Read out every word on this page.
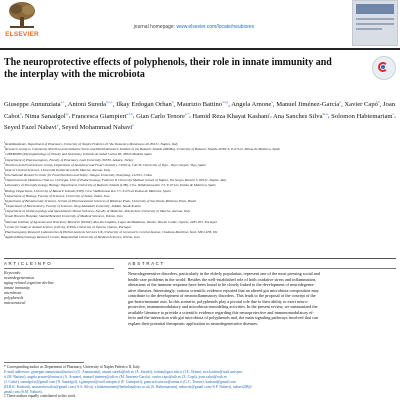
ELSEVIER
journal homepage: www.elsevier.com/locate/neubiorev
The neuroprotective effects of polyphenols, their role in innate immunity and the interplay with the microbiota
Giuseppe Annunziata$^{a,1}$, Antoni Sureda$^{b,c,1}$, Ilkay Erdogan Orhan$^d$, Maurizio Battino$^{e,f,g}$, Angela Arnone$^a$, Manuel Jiménez-García$^b$, Xavier Capó$^b$, Joan Cabot$^h$, Nima Sanadgol$^{i,j}$, Francesca Giampieri$^{e,f,k}$, Gian Carlo Tenore$^{a,*}$, Hamid Reza Khayat Kashani$^l$, Ana Sanches Silva$^{m,n}$, Solomon Habtemariam$^o$, Seyed Fazel Nabavi$^p$, Seyed Mohammad Nabavi$^p$
$^a$ReuthRamfeale, Department of Pharmacy, University of Naples Federico II, Via Domenico Montesano 49, 80131, Naples, Italy
$^b$Research Group in Community Nutrition and Oxidative Stress and Health Research Institute of the Balearic Islands (IdISBa), University of Balearic Islands-IUNICS, E-07122, Palma de Mallorca, Spain
$^c$CIBEROBN (Physiopathology of Obesity and Nutrition), Instituto de Salud Carlos III, 28029 Madrid, Spain
$^d$Department of Pharmacognosy, Faculty of Pharmacy, Gazi University, 06330, Ankara, Turkey
$^e$Nutrition and Food Science Group, Department of Analytical and Food Chemistry, CITACA, CACTI, University of Vigo - Vigo Campus, Vigo, Spain
$^f$Dept of Clinical Sciences, Università Politecnica delle Marche, Ancona, Italy
$^g$International Research Center for Food Nutrition and Safety, Jiangsu University, Zhenjiang, 212013, China
$^h$Dipartimento di Medicina Clinica e Chirurgia, Unit of Endocrinology, Federico II University Medical School of Naples, Via Sergio Pansini 5, 80131, Naples, Italy
$^i$Laboratory of Neurophysiology, Biology Department, University of Balearic Islands (UIB), Ctra. Valldemossa Km 7.5, E-07122, Palma de Mallorca, Spain
$^j$Biology Department, University of Balearic Islands (UIB), Ctra. Valldemossa Km 7.5, E-07122 Palma de Mallorca, Spain
$^k$Department of Biology, Faculty of Sciences, University of Zabol, Zabol, Iran
$^l$Department of Biomolecular Sciences, School of Pharmaceutical Sciences of Ribeirao Preto, University of Sao Paulo, Ribeirao Preto, Brazil
$^m$Department of Biochemistry, Faculty of Sciences, King Abdulaziz University, Jeddah, Saudi Arabia
$^n$Department of Otolaryngology and Specialized Clinical Sciences, Faculty of Medicine, Polytechnic University of Marche, Ancona, Italy
$^o$Imam Hossein Hospital, Shahid Beheshti University of Medical Sciences, Tehran, Iran
$^p$National Institute of Agrarian and Veterinary Research (INIAV), Rua dos Lágidos, Lugar da Madalena, Vairão, Vila do Conde, Oporto, 4485-655, Portugal
$^q$Center for Study in Animal Science (CECA), ICETA, University of Oporto, Oporto, Portugal
$^r$Pharmacognosy Research Laboratories & Herbal Analysis Services UK, University of Greenwich, Central Avenue, Chatham-Maritime, Kent, ME4 4TB, UK
$^s$Applied Biotechnology Research Center, Baqiyatallah University of Medical Sciences, Tehran, Iran
A R T I C L E I N F O
Keywords:
neurodegeneration
aging-related cognitive decline
innate immunity
microbiota
polyphenols
nutraceutical
A B S T R A C T
Neurodegenerative disorders, particularly in the elderly population, represent one of the most pressing social and
health-care problems in the world. Besides the well-established role of both oxidative stress and inflammation,
alterations of the immune response have been found to be closely linked to the development of neurodegener-
ative diseases. Interestingly, various scientific evidence reported that an altered gut microbiota composition may
contribute to the development of neuroinflammatory disorders. This leads to the proposal of the concept of the
gut-brain-immune axis. In this scenario, polyphenols play a pivotal role due to their ability to exert neuro-
protective, immunomodulatory and microbiota-remodeling activities. In the present review, we summarized the
available literature to provide a scientific evidence regarding this neuroprotective and immunomodulatory ef-
fects and the interaction with gut microbiota of polyphenols and, the main signaling pathways involved that can
explain their potential therapeutic application in neurodegenerative diseases.
* Corresponding author at: Department of Pharmacy, University of Naples Federico II, Italy.
E-mail addresses: giuseppe.annunziata@unina.it (G. Annunziata), antoni.sureda@uib.es (A. Sureda), iorhan@gazi.edu.tr (I.E. Orhan), m.a.battino@staff.univpm.
it (M. Battino), angela.arnone@unina.it (A. Arnone), manuel.jimenez@uib.es (M. Jiménez-García), xavier.capo@uib.es (X. Capó), joan.cabot@ssib.es
(J. Cabot), sanadgol.n@gmail.com (N. Sanadgol), f.giampieri@staff.univpm.it (F. Giampieri), giancarlo.tenore@unina.it (G.C. Tenore), kashani@gmail.com
(H.R.K. Kashani), anasanchessilva@gmail.com (A.S. Silva), s.habtemariam@herbalanalysis.co.uk (S. Habtemariam), nabavisf@gmail.com (S.F. Nabavi), nabavi208@
gmail.com (S.M. Nabavi).
1 These authors equally contributed to this work.
